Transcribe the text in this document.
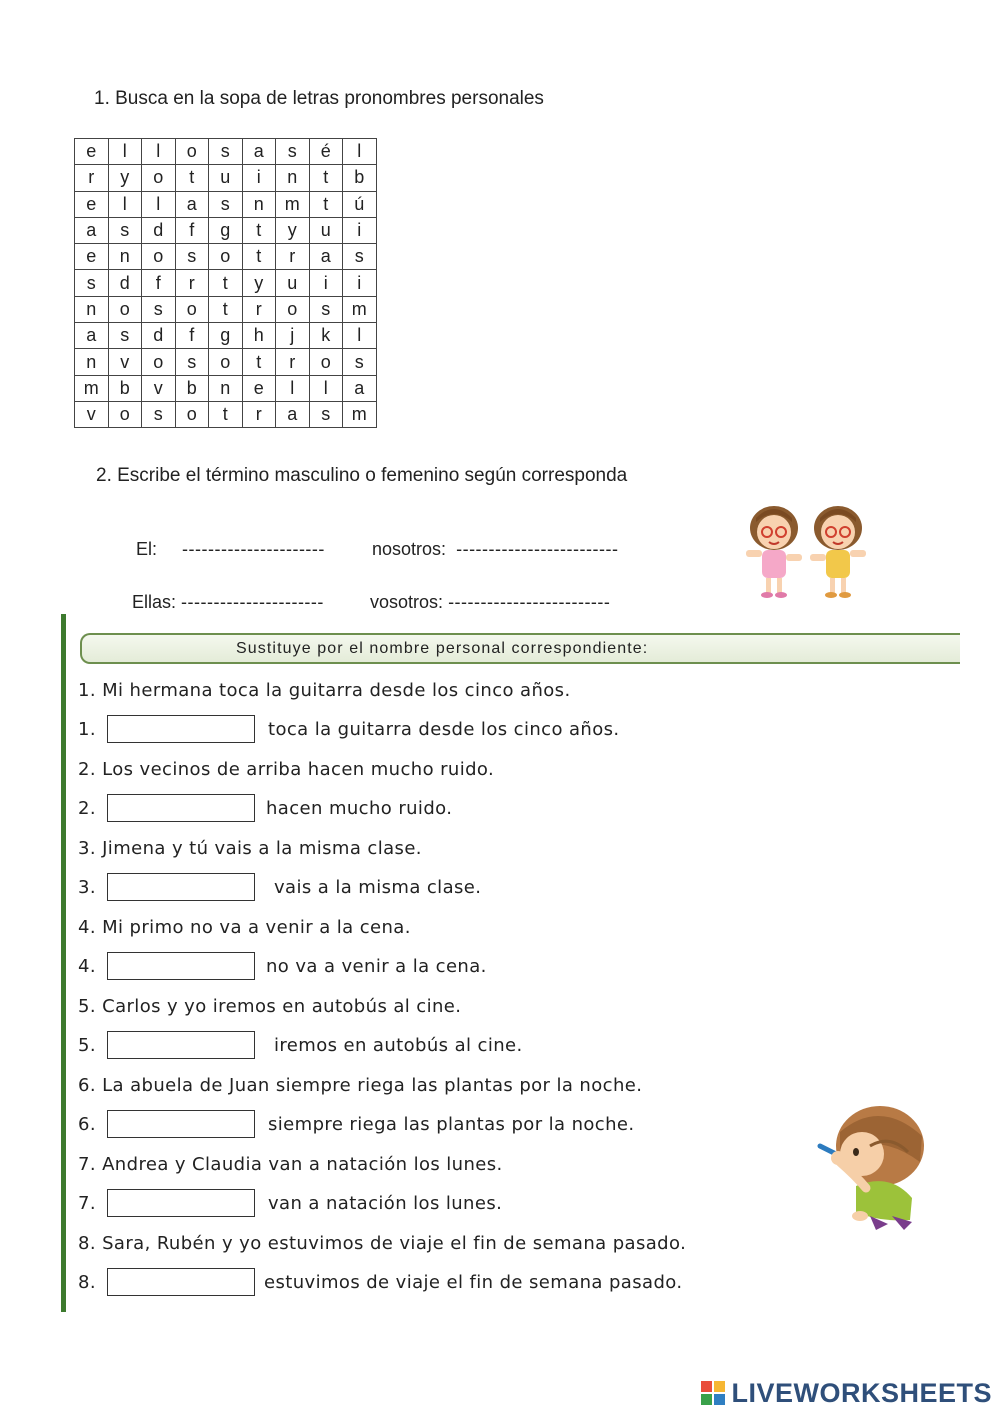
1. Busca en la sopa de letras pronombres personales
e	l	l	o	s	a	s	é	l
r	y	o	t	u	i	n	t	b
e	l	l	a	s	n	m	t	ú
a	s	d	f	g	t	y	u	i
e	n	o	s	o	t	r	a	s
s	d	f	r	t	y	u	i	i
n	o	s	o	t	r	o	s	m
a	s	d	f	g	h	j	k	l
n	v	o	s	o	t	r	o	s
m	b	v	b	n	e	l	l	a
v	o	s	o	t	r	a	s	m
2. Escribe el término masculino o femenino según corresponda

El: ----------------------	nosotros: -------------------------

Ellas: ----------------------	vosotros: -------------------------

Sustituye por el nombre personal correspondiente:
1. Mi hermana toca la guitarra desde los cinco años.
1.	toca la guitarra desde los cinco años.
2. Los vecinos de arriba hacen mucho ruido.
2.	hacen mucho ruido.
3. Jimena y tú vais a la misma clase.
3.	vais a la misma clase.
4. Mi primo no va a venir a la cena.
4.	no va a venir a la cena.
5. Carlos y yo iremos en autobús al cine.
5.	iremos en autobús al cine.
6. La abuela de Juan siempre riega las plantas por la noche.
6.	siempre riega las plantas por la noche.
7. Andrea y Claudia van a natación los lunes.
7.	van a natación los lunes.
8. Sara, Rubén y yo estuvimos de viaje el fin de semana pasado.
8.	estuvimos de viaje el fin de semana pasado.
LIVEWORKSHEETS
